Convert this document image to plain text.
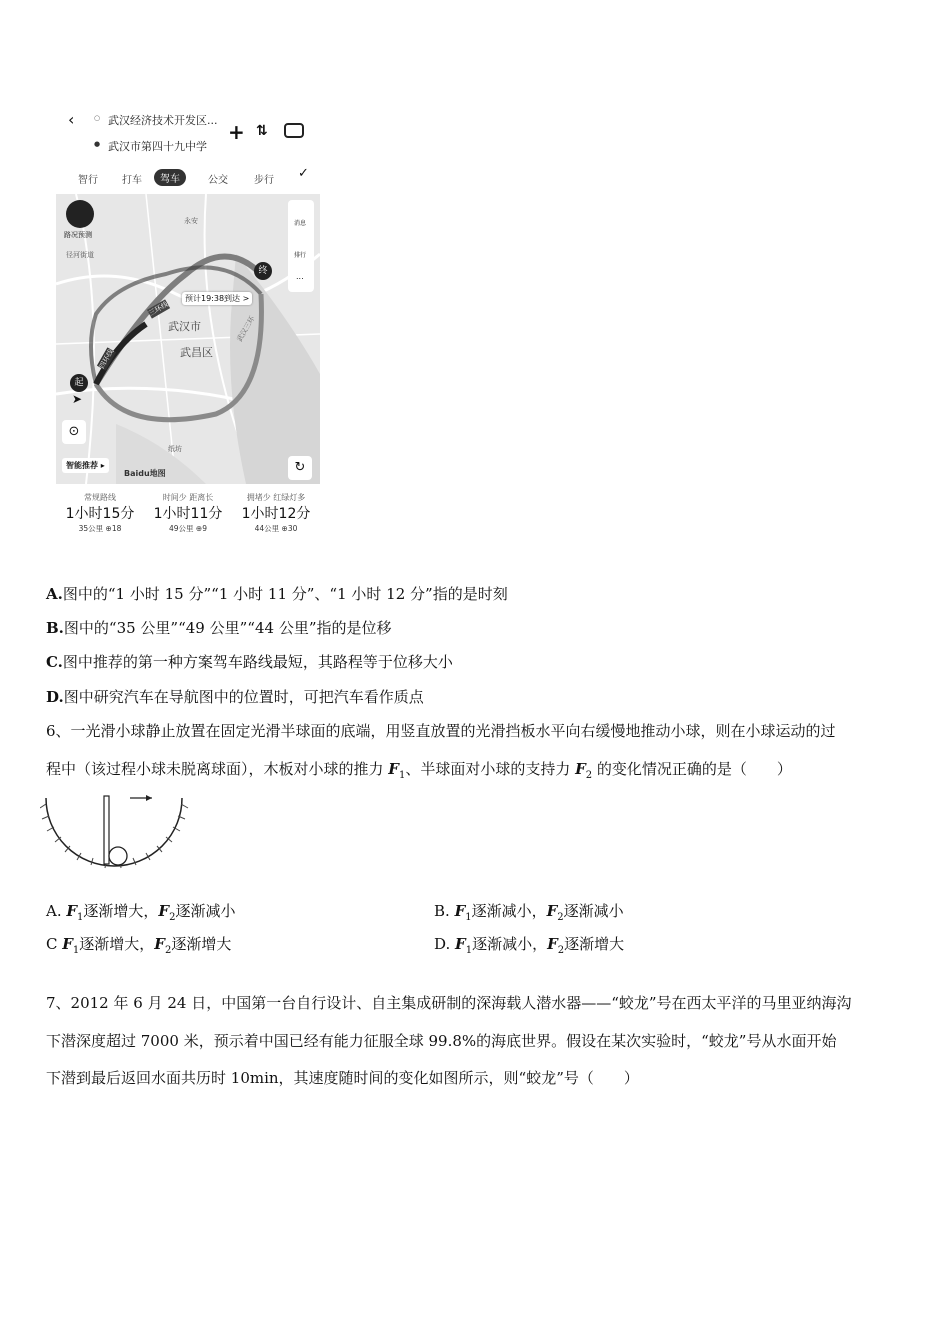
‹	○ 武汉经济技术开发区...
● 武汉市第四十九中学
+ ⇅
智行 打车	驾车	公交	步行 ✓
路况预测
消息
排行
...
永安
径河街道
纸坊
武汉市
武昌区
三环线
四环线
武汉三环
预计19:38到达 >
终
起
➤
⊙
智能推荐 ▸
Baidu地图	↻
常规路线
1小时15分
35公里 ⊕18
时间少 距离长
1小时11分
49公里 ⊕9
拥堵少 红绿灯多
1小时12分
44公里 ⊕30
A.图中的“1 小时 15 分”“1 小时 11 分”、“1 小时 12 分”指的是时刻
B.图中的“35 公里”“49 公里”“44 公里”指的是位移
C.图中推荐的第一种方案驾车路线最短，其路程等于位移大小
D.图中研究汽车在导航图中的位置时，可把汽车看作质点
6、一光滑小球静止放置在固定光滑半球面的底端，用竖直放置的光滑挡板水平向右缓慢地推动小球，则在小球运动的过
程中（该过程小球未脱离球面），木板对小球的推力 $F_1$、半球面对小球的支持力 $F_2$ 的变化情况正确的是（　　）
A. $F_1$逐渐增大，$F_2$逐渐减小	B. $F_1$逐渐减小，$F_2$逐渐减小
C $F_1$逐渐增大，$F_2$逐渐增大	D. $F_1$逐渐减小，$F_2$逐渐增大
7、2012 年 6 月 24 日，中国第一台自行设计、自主集成研制的深海载人潜水器——“蛟龙”号在西太平洋的马里亚纳海沟
下潜深度超过 7000 米，预示着中国已经有能力征服全球 99.8%的海底世界。假设在某次实验时，“蛟龙”号从水面开始
下潜到最后返回水面共历时 10min，其速度随时间的变化如图所示，则“蛟龙”号（　　）
